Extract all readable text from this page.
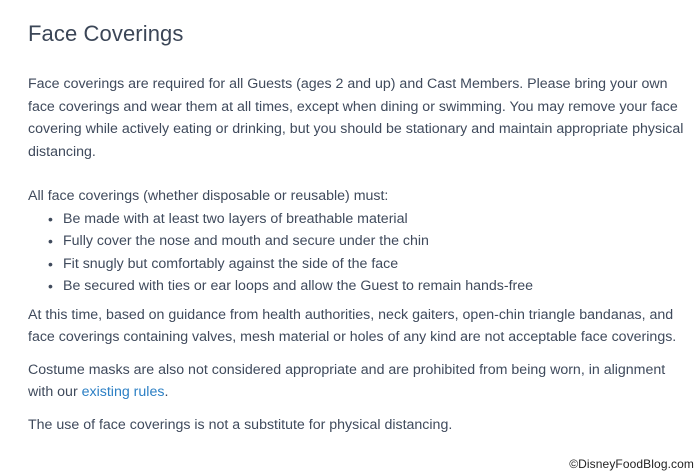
Face Coverings

Face coverings are required for all Guests (ages 2 and up) and Cast Members. Please bring your own face coverings and wear them at all times, except when dining or swimming. You may remove your face covering while actively eating or drinking, but you should be stationary and maintain appropriate physical distancing.

All face coverings (whether disposable or reusable) must:

• Be made with at least two layers of breathable material
• Fully cover the nose and mouth and secure under the chin
• Fit snugly but comfortably against the side of the face
• Be secured with ties or ear loops and allow the Guest to remain hands-free

At this time, based on guidance from health authorities, neck gaiters, open-chin triangle bandanas, and face coverings containing valves, mesh material or holes of any kind are not acceptable face coverings.

Costume masks are also not considered appropriate and are prohibited from being worn, in alignment with our existing rules.

The use of face coverings is not a substitute for physical distancing.

©DisneyFoodBlog.com
